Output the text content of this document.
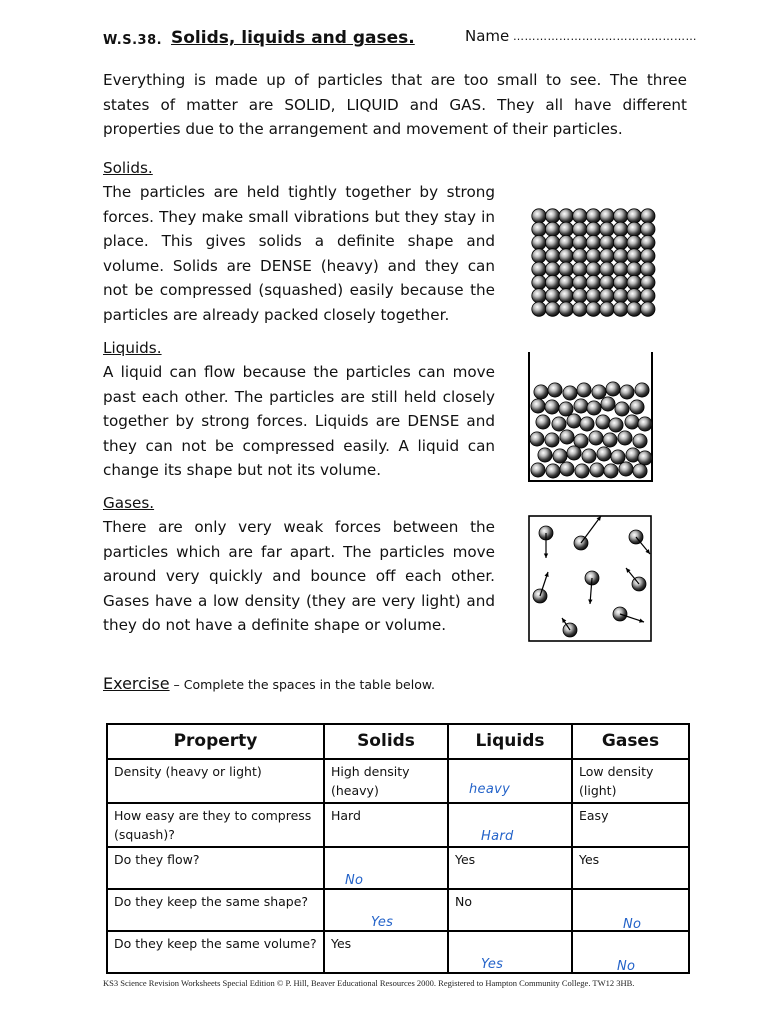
W.S.38. Solids, liquids and gases.	Name …………………………………………
Everything is made up of particles that are too small to see. The three states of matter are SOLID, LIQUID and GAS. They all have different properties due to the arrangement and movement of their particles.
Solids.
The particles are held tightly together by strong forces. They make small vibrations but they stay in place. This gives solids a definite shape and volume. Solids are DENSE (heavy) and they can not be compressed (squashed) easily because the particles are already packed closely together.
Liquids.
A liquid can flow because the particles can move past each other. The particles are still held closely together by strong forces. Liquids are DENSE and they can not be compressed easily. A liquid can change its shape but not its volume.
Gases.
There are only very weak forces between the particles which are far apart. The particles move around very quickly and bounce off each other. Gases have a low density (they are very light) and they do not have a definite shape or volume.
Exercise – Complete the spaces in the table below.
Property	Solids	Liquids	Gases
Density (heavy or light)	High density (heavy)	heavy	Low density (light)
How easy are they to compress (squash)?	Hard	Hard	Easy
Do they flow?	No	Yes	Yes
Do they keep the same shape?	Yes	No	No

Do they keep the same volume?	Yes	Yes	No
KS3 Science Revision Worksheets Special Edition © P. Hill, Beaver Educational Resources 2000. Registered to Hampton Community College. TW12 3HB.
